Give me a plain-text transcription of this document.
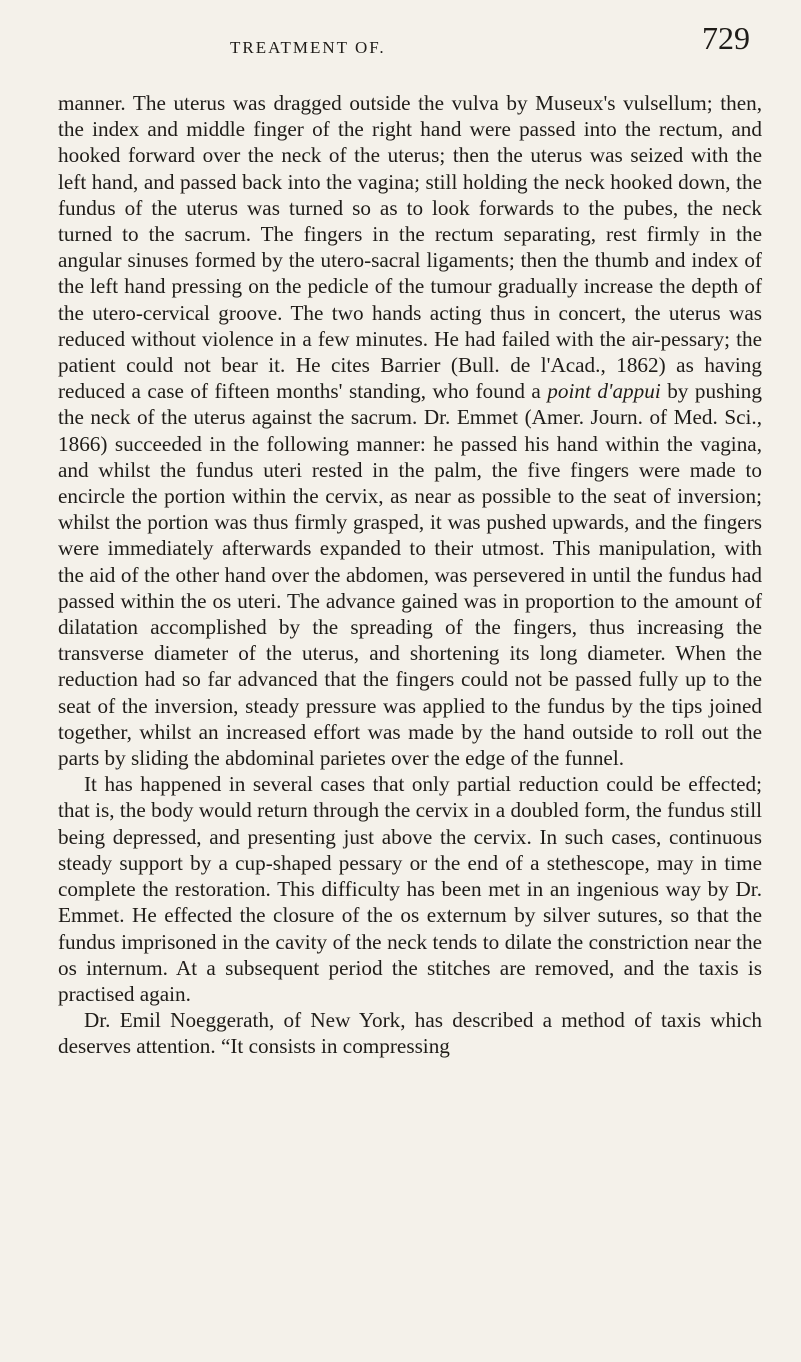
TREATMENT OF.	729

manner. The uterus was dragged outside the vulva by Museux's vulsellum; then, the index and middle finger of the right hand were passed into the rectum, and hooked forward over the neck of the uterus; then the uterus was seized with the left hand, and passed back into the vagina; still holding the neck hooked down, the fundus of the uterus was turned so as to look forwards to the pubes, the neck turned to the sacrum. The fingers in the rectum separating, rest firmly in the angular sinuses formed by the utero-sacral ligaments; then the thumb and index of the left hand pressing on the pedicle of the tumour gradually increase the depth of the utero-cervical groove. The two hands acting thus in concert, the uterus was reduced without violence in a few minutes. He had failed with the air-pessary; the patient could not bear it. He cites Barrier (Bull. de l'Acad., 1862) as having reduced a case of fifteen months' standing, who found a point d'appui by pushing the neck of the uterus against the sacrum. Dr. Emmet (Amer. Journ. of Med. Sci., 1866) succeeded in the following manner: he passed his hand within the vagina, and whilst the fundus uteri rested in the palm, the five fingers were made to encircle the portion within the cervix, as near as possible to the seat of inversion; whilst the portion was thus firmly grasped, it was pushed upwards, and the fingers were immediately afterwards expanded to their utmost. This manipulation, with the aid of the other hand over the abdomen, was persevered in until the fundus had passed within the os uteri. The advance gained was in proportion to the amount of dilatation accomplished by the spreading of the fingers, thus increasing the transverse diameter of the uterus, and shortening its long diameter. When the reduction had so far advanced that the fingers could not be passed fully up to the seat of the inversion, steady pressure was applied to the fundus by the tips joined together, whilst an increased effort was made by the hand outside to roll out the parts by sliding the abdominal parietes over the edge of the funnel.

It has happened in several cases that only partial reduction could be effected; that is, the body would return through the cervix in a doubled form, the fundus still being depressed, and presenting just above the cervix. In such cases, continuous steady support by a cup-shaped pessary or the end of a stethescope, may in time complete the restoration. This difficulty has been met in an ingenious way by Dr. Emmet. He effected the closure of the os externum by silver sutures, so that the fundus imprisoned in the cavity of the neck tends to dilate the constriction near the os internum. At a subsequent period the stitches are removed, and the taxis is practised again.

Dr. Emil Noeggerath, of New York, has described a method of taxis which deserves attention. “It consists in compressing
